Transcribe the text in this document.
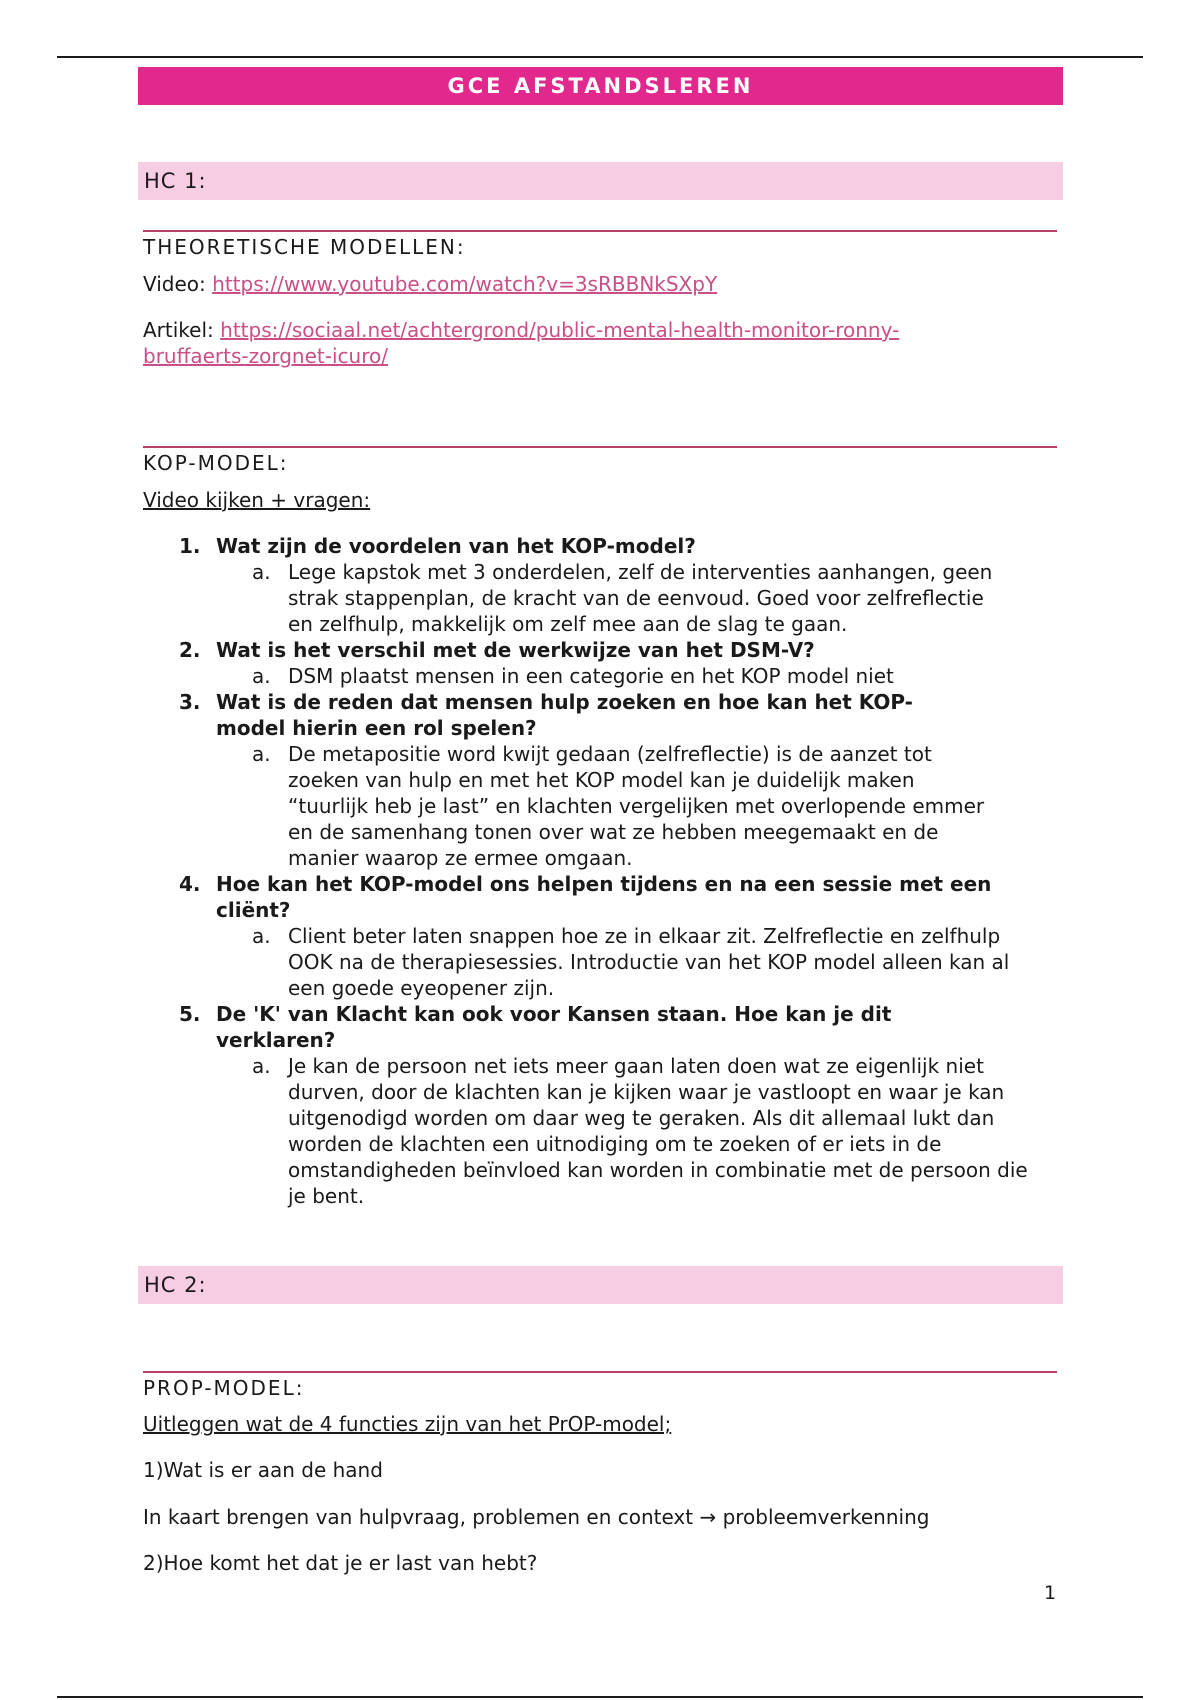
GCE AFSTANDSLEREN
HC 1:
THEORETISCHE MODELLEN:
Video: https://www.youtube.com/watch?v=3sRBBNkSXpY
Artikel: https://sociaal.net/achtergrond/public-mental-health-monitor-ronny-
bruffaerts-zorgnet-icuro/
KOP-MODEL:
Video kijken + vragen:
1. Wat zijn de voordelen van het KOP-model?
a. Lege kapstok met 3 onderdelen, zelf de interventies aanhangen, geen strak stappenplan, de kracht van de eenvoud. Goed voor zelfreflectie en zelfhulp, makkelijk om zelf mee aan de slag te gaan.
2. Wat is het verschil met de werkwijze van het DSM-V?
a. DSM plaatst mensen in een categorie en het KOP model niet
3. Wat is de reden dat mensen hulp zoeken en hoe kan het KOP-model hierin een rol spelen?
a. De metapositie word kwijt gedaan (zelfreflectie) is de aanzet tot zoeken van hulp en met het KOP model kan je duidelijk maken “tuurlijk heb je last” en klachten vergelijken met overlopende emmer en de samenhang tonen over wat ze hebben meegemaakt en de manier waarop ze ermee omgaan.
4. Hoe kan het KOP-model ons helpen tijdens en na een sessie met een cliënt?
a. Client beter laten snappen hoe ze in elkaar zit. Zelfreflectie en zelfhulp OOK na de therapiesessies. Introductie van het KOP model alleen kan al een goede eyeopener zijn.
5. De 'K' van Klacht kan ook voor Kansen staan. Hoe kan je dit verklaren?
a. Je kan de persoon net iets meer gaan laten doen wat ze eigenlijk niet durven, door de klachten kan je kijken waar je vastloopt en waar je kan uitgenodigd worden om daar weg te geraken. Als dit allemaal lukt dan worden de klachten een uitnodiging om te zoeken of er iets in de omstandigheden beïnvloed kan worden in combinatie met de persoon die je bent.
HC 2:
PROP-MODEL:
Uitleggen wat de 4 functies zijn van het PrOP-model;
1)Wat is er aan de hand
In kaart brengen van hulpvraag, problemen en context → probleemverkenning
2)Hoe komt het dat je er last van hebt?
1
